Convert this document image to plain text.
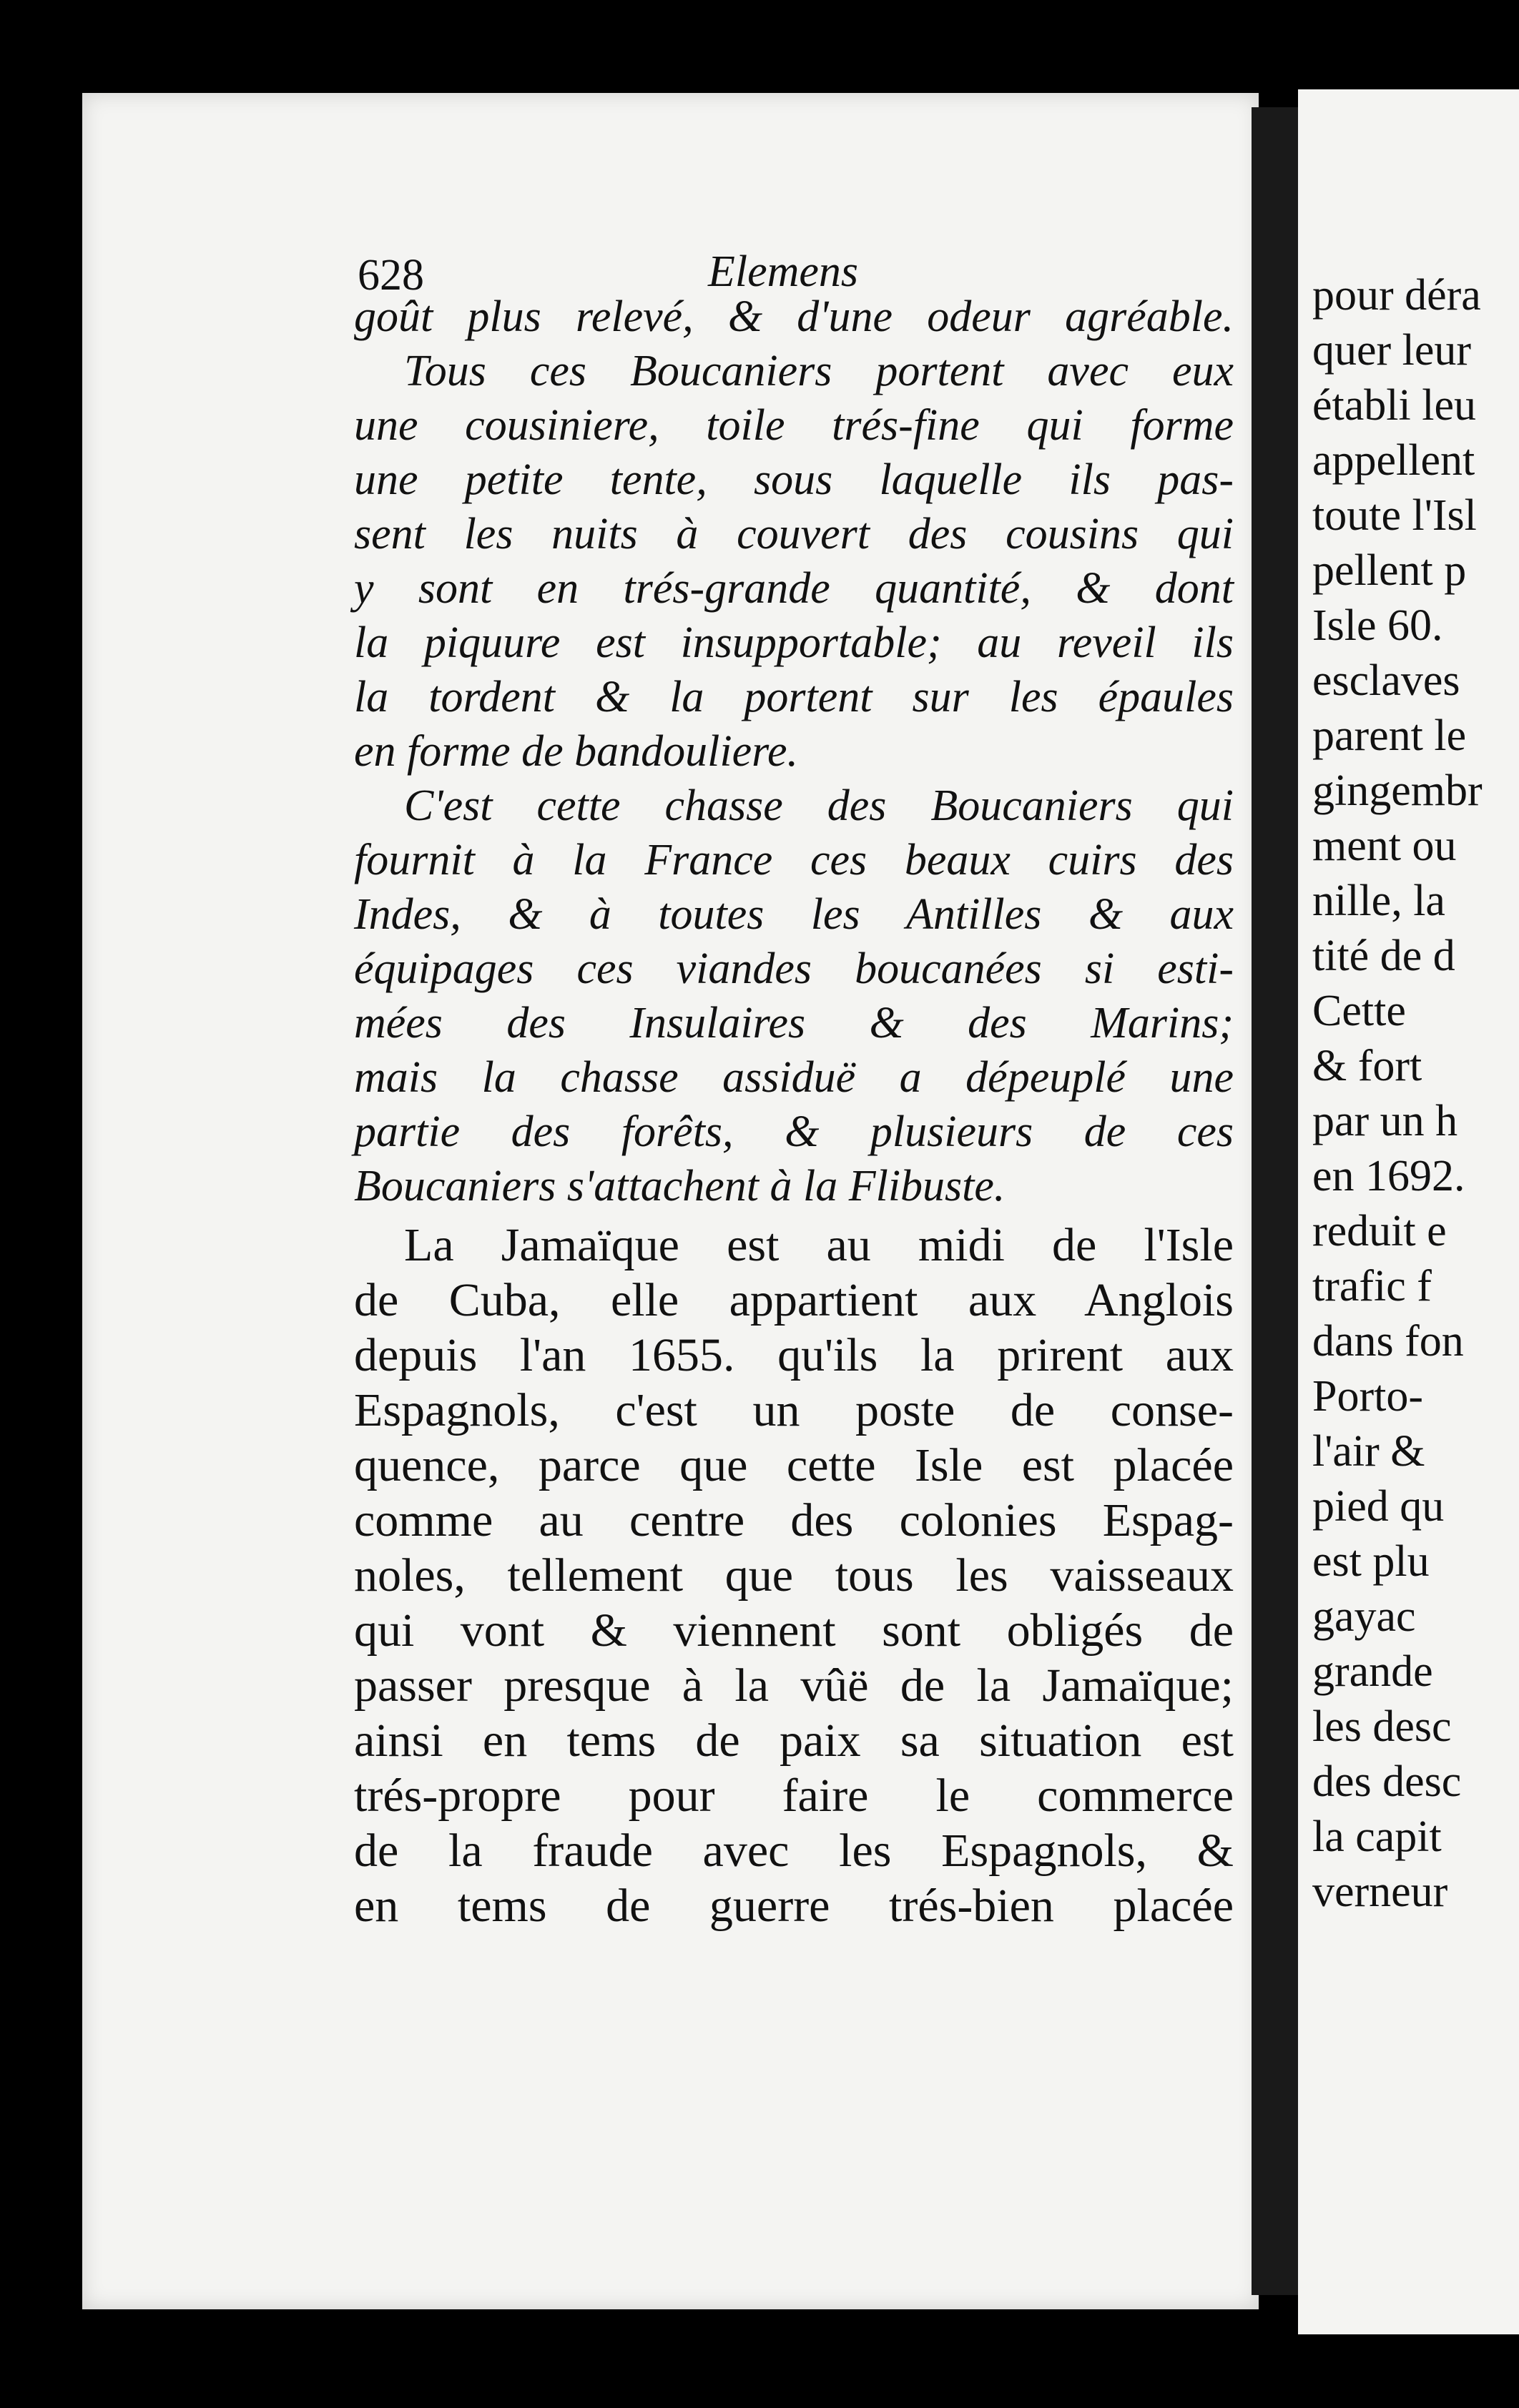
pour déra
quer leur
établi leu
appellent
toute l'Isl
pellent p
Isle 60.
esclaves
parent le
gingembr
ment ou
nille, la
tité de d
Cette
& fort
par un h
en 1692.
reduit e
trafic f
dans fon
Porto-
l'air &
pied qu
est plu
gayac
grande
les desc
des desc
la capit
verneur
628	Elemens
goût plus relevé, & d'une odeur agréable.
Tous ces Boucaniers portent avec eux
une cousiniere, toile trés-fine qui forme
une petite tente, sous laquelle ils pas-
sent les nuits à couvert des cousins qui
y sont en trés-grande quantité, & dont
la piquure est insupportable; au reveil ils
la tordent & la portent sur les épaules
en forme de bandouliere.
C'est cette chasse des Boucaniers qui
fournit à la France ces beaux cuirs des
Indes, & à toutes les Antilles & aux
équipages ces viandes boucanées si esti-
mées des Insulaires & des Marins;
mais la chasse assiduë a dépeuplé une
partie des forêts, & plusieurs de ces
Boucaniers s'attachent à la Flibuste.
La Jamaïque est au midi de l'Isle
de Cuba, elle appartient aux Anglois
depuis l'an 1655. qu'ils la prirent aux
Espagnols, c'est un poste de conse-
quence, parce que cette Isle est placée
comme au centre des colonies Espag-
noles, tellement que tous les vaisseaux
qui vont & viennent sont obligés de
passer presque à la vûë de la Jamaïque;
ainsi en tems de paix sa situation est
trés-propre pour faire le commerce
de la fraude avec les Espagnols, &
en tems de guerre trés-bien placée
